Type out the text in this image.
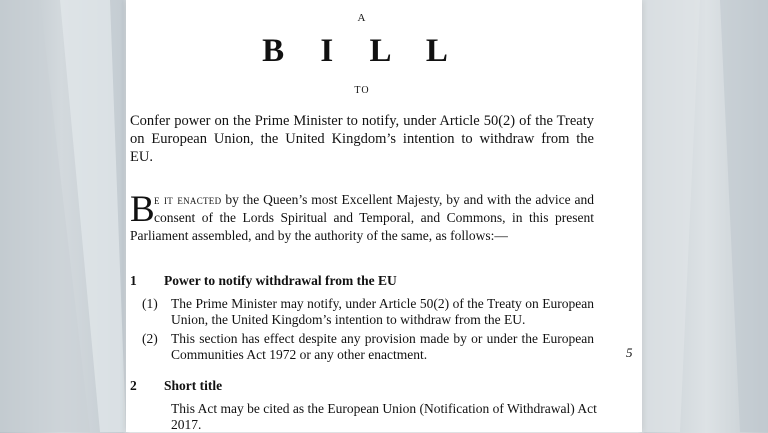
A
B I L L
TO
Confer power on the Prime Minister to notify, under Article 50(2) of the Treaty
on European Union, the United Kingdom’s intention to withdraw from the
EU.
B e it enacted by the Queen’s most Excellent Majesty, by and with the advice and
consent of the Lords Spiritual and Temporal, and Commons, in this present
Parliament assembled, and by the authority of the same, as follows:—
1 Power to notify withdrawal from the EU
(1) The Prime Minister may notify, under Article 50(2) of the Treaty on European
Union, the United Kingdom’s intention to withdraw from the EU.
(2) This section has effect despite any provision made by or under the European
Communities Act 1972 or any other enactment.	5
2 Short title
This Act may be cited as the European Union (Notification of Withdrawal) Act
2017.
